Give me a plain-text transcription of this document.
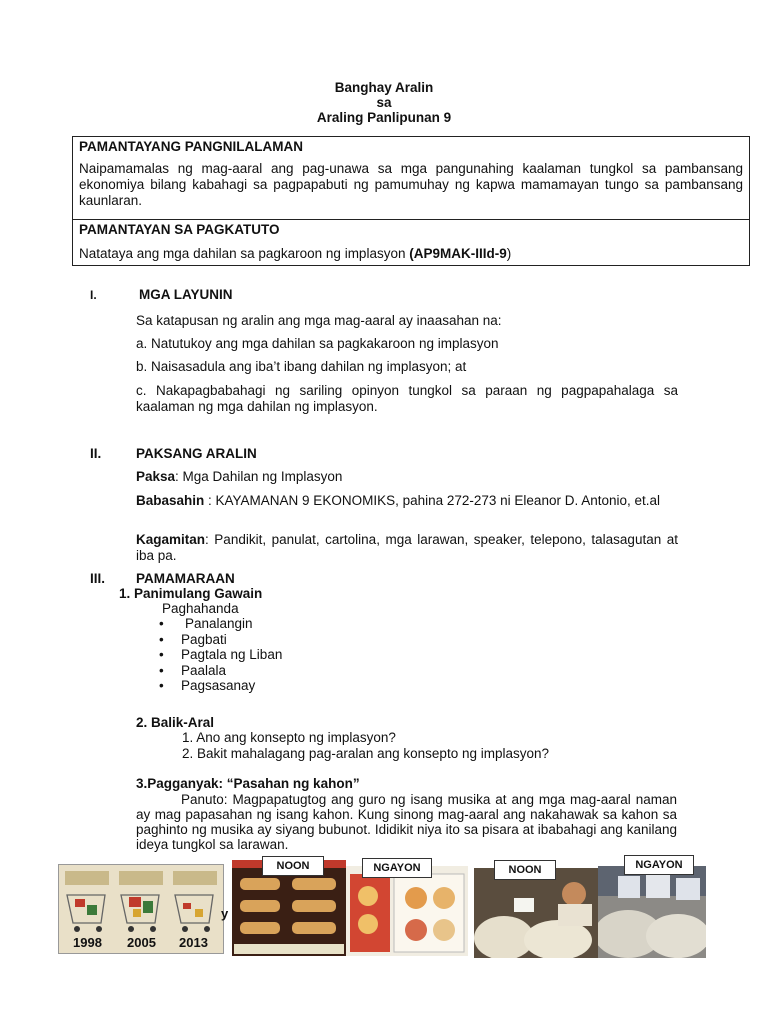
Banghay Aralin
sa
Araling Panlipunan 9
PAMANTAYANG PANGNILALAMAN
Naipamamalas ng mag-aaral ang pag-unawa sa mga pangunahing kaalaman tungkol sa pambansang ekonomiya bilang kabahagi sa pagpapabuti ng pamumuhay ng kapwa mamamayan tungo sa pambansang kaunlaran.
PAMANTAYAN SA PAGKATUTO
Natataya ang mga dahilan sa pagkaroon ng implasyon (AP9MAK-IIId-9)
I.	MGA LAYUNIN
Sa katapusan ng aralin ang mga mag-aaral ay inaasahan na:
a. Natutukoy ang mga dahilan sa pagkakaroon ng implasyon
b. Naisasadula ang iba’t ibang dahilan ng implasyon; at
c. Nakapagbabahagi ng sariling opinyon tungkol sa paraan ng pagpapahalaga sa kaalaman ng mga dahilan ng implasyon.
II.	PAKSANG ARALIN
Paksa: Mga Dahilan ng Implasyon
Babasahin : KAYAMANAN 9 EKONOMIKS, pahina 272-273 ni Eleanor D. Antonio, et.al
Kagamitan: Pandikit, panulat, cartolina, mga larawan, speaker, telepono, talasagutan at iba pa.
III. PAMAMARAAN
1. Panimulang Gawain
Paghahanda
• Panalangin
• Pagbati
• Pagtala ng Liban
• Paalala
• Pagsasanay
2. Balik-Aral
1. Ano ang konsepto ng implasyon?
2. Bakit mahalagang pag-aralan ang konsepto ng implasyon?
3.Pagganyak: “Pasahan ng kahon”
Panuto: Magpapatugtog ang guro ng isang musika at ang mga mag-aaral naman ay mag papasahan ng isang kahon. Kung sinong mag-aaral ang nakahawak sa kahon sa paghinto ng musika ay siyang bubunot. Ididikit niya ito sa pisara at ibabahagi ang kanilang ideya tungkol sa larawan.
1998 2005 2013
y
NOON	NGAYON	NOON	NGAYON
